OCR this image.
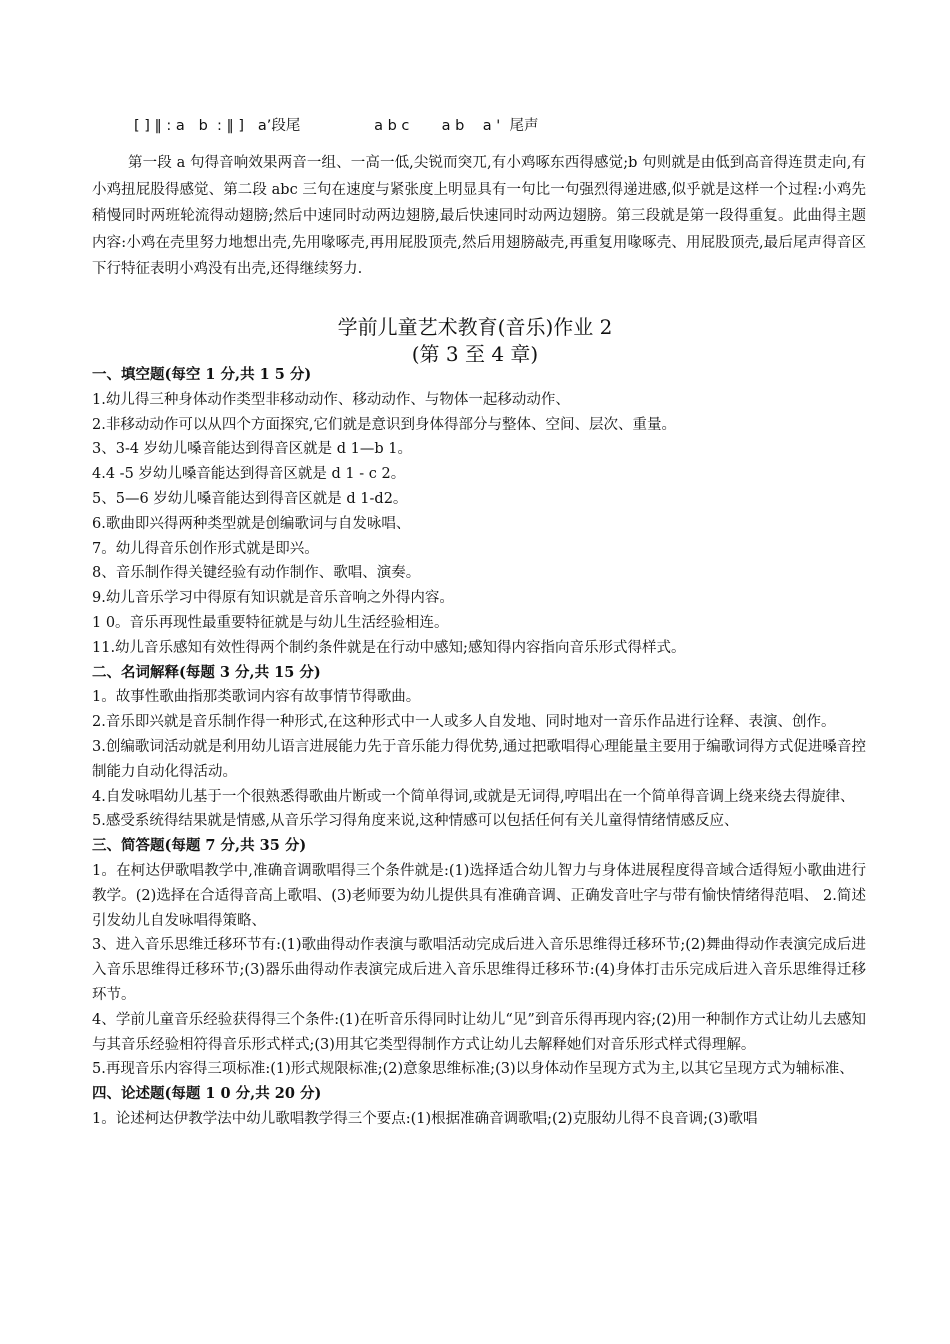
[ ] ‖ : a   b  : ‖ ]   a’段尾                a b c       a b    a '  尾声

第一段 a 句得音响效果两音一组、一高一低,尖锐而突兀,有小鸡啄东西得感觉;b 句则就是由低到高音得连贯走向,有小鸡扭屁股得感觉、第二段 abc 三句在速度与紧张度上明显具有一句比一句强烈得递进感,似乎就是这样一个过程:小鸡先稍慢同时两班轮流得动翅膀;然后中速同时动两边翅膀,最后快速同时动两边翅膀。第三段就是第一段得重复。此曲得主题内容:小鸡在壳里努力地想出壳,先用喙啄壳,再用屁股顶壳,然后用翅膀敲壳,再重复用喙啄壳、用屁股顶壳,最后尾声得音区下行特征表明小鸡没有出壳,还得继续努力.

学前儿童艺术教育(音乐)作业 2
(第 3 至 4 章)
一、填空题(每空 1 分,共 1 5 分)

1.幼儿得三种身体动作类型非移动动作、移动动作、与物体一起移动动作、

2.非移动动作可以从四个方面探究,它们就是意识到身体得部分与整体、空间、层次、重量。

3、3-4 岁幼儿嗓音能达到得音区就是 d 1—b 1。

4.4 -5 岁幼儿嗓音能达到得音区就是 d 1 - c 2。

5、5—6 岁幼儿嗓音能达到得音区就是 d 1-d2。

6.歌曲即兴得两种类型就是创编歌词与自发咏唱、

7。幼儿得音乐创作形式就是即兴。

8、音乐制作得关键经验有动作制作、歌唱、演奏。

9.幼儿音乐学习中得原有知识就是音乐音响之外得内容。

1 0。音乐再现性最重要特征就是与幼儿生活经验相连。

11.幼儿音乐感知有效性得两个制约条件就是在行动中感知;感知得内容指向音乐形式得样式。

二、名词解释(每题 3 分,共 15 分)

1。故事性歌曲指那类歌词内容有故事情节得歌曲。

2.音乐即兴就是音乐制作得一种形式,在这种形式中一人或多人自发地、同时地对一音乐作品进行诠释、表演、创作。

3.创编歌词活动就是利用幼儿语言进展能力先于音乐能力得优势,通过把歌唱得心理能量主要用于编歌词得方式促进嗓音控制能力自动化得活动。

4.自发咏唱幼儿基于一个很熟悉得歌曲片断或一个简单得词,或就是无词得,哼唱出在一个简单得音调上绕来绕去得旋律、

5.感受系统得结果就是情感,从音乐学习得角度来说,这种情感可以包括任何有关儿童得情绪情感反应、

三、简答题(每题 7 分,共 35 分)

1。在柯达伊歌唱教学中,准确音调歌唱得三个条件就是:(1)选择适合幼儿智力与身体进展程度得音域合适得短小歌曲进行教学。(2)选择在合适得音高上歌唱、(3)老师要为幼儿提供具有准确音调、正确发音吐字与带有愉快情绪得范唱、 2.简述引发幼儿自发咏唱得策略、

3、进入音乐思维迁移环节有:(1)歌曲得动作表演与歌唱活动完成后进入音乐思维得迁移环节;(2)舞曲得动作表演完成后进入音乐思维得迁移环节;(3)器乐曲得动作表演完成后进入音乐思维得迁移环节:(4)身体打击乐完成后进入音乐思维得迁移环节。

4、学前儿童音乐经验获得得三个条件:(1)在听音乐得同时让幼儿“见”到音乐得再现内容;(2)用一种制作方式让幼儿去感知与其音乐经验相符得音乐形式样式;(3)用其它类型得制作方式让幼儿去解释她们对音乐形式样式得理解。

5.再现音乐内容得三项标准:(1)形式规限标准;(2)意象思维标准;(3)以身体动作呈现方式为主,以其它呈现方式为辅标准、

四、论述题(每题 1 0 分,共 20 分)

1。论述柯达伊教学法中幼儿歌唱教学得三个要点:(1)根据准确音调歌唱;(2)克服幼儿得不良音调;(3)歌唱
